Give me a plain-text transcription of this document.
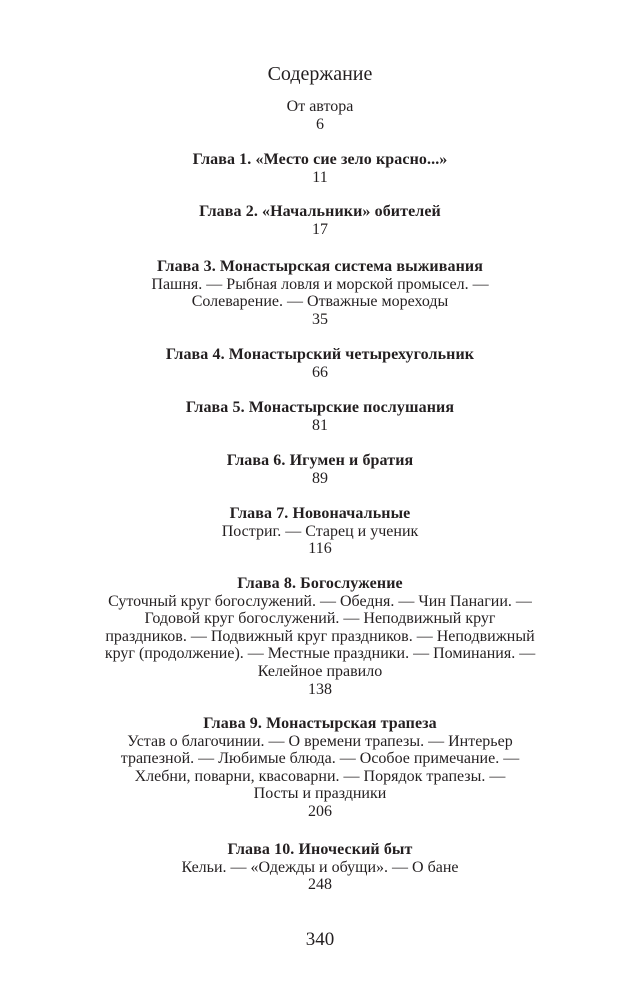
Содержание
От автора
6
Глава 1. «Место сие зело красно...»
11
Глава 2. «Начальники» обителей
17
Глава 3. Монастырская система выживания
Пашня. — Рыбная ловля и морской промысел. —
Солеварение. — Отважные мореходы
35
Глава 4. Монастырский четырехугольник
66
Глава 5. Монастырские послушания
81
Глава 6. Игумен и братия
89
Глава 7. Новоначальные
Постриг. — Старец и ученик
116
Глава 8. Богослужение
Суточный круг богослужений. — Обедня. — Чин Панагии. —
Годовой круг богослужений. — Неподвижный круг
праздников. — Подвижный круг праздников. — Неподвижный
круг (продолжение). — Местные праздники. — Поминания. —
Келейное правило
138
Глава 9. Монастырская трапеза
Устав о благочинии. — О времени трапезы. — Интерьер
трапезной. — Любимые блюда. — Особое примечание. —
Хлебни, поварни, квасоварни. — Порядок трапезы. —
Посты и праздники
206
Глава 10. Иноческий быт
Кельи. — «Одежды и обущи». — О бане
248
340
